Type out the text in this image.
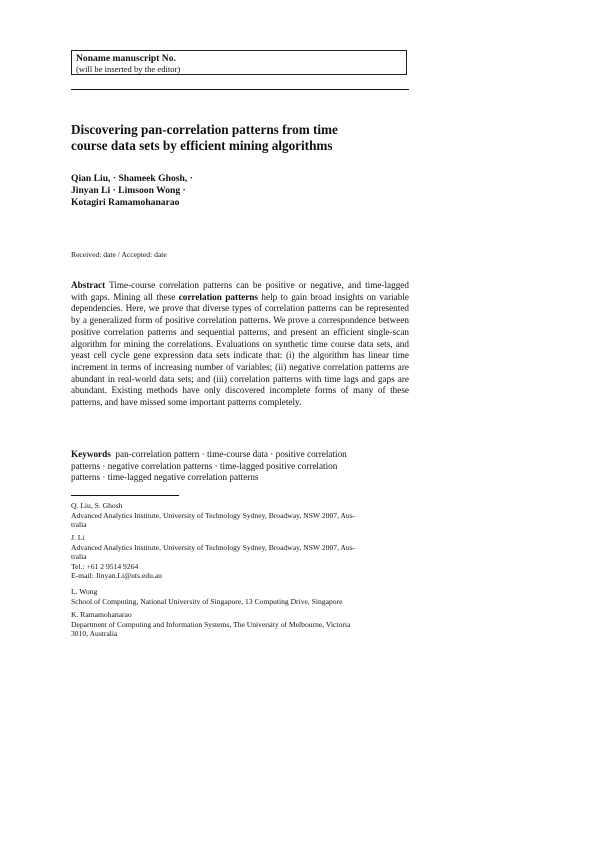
Noname manuscript No.
(will be inserted by the editor)
Discovering pan-correlation patterns from time
course data sets by efficient mining algorithms
Qian Liu, · Shameek Ghosh, ·
Jinyan Li · Limsoon Wong ·
Kotagiri Ramamohanarao
Received: date / Accepted: date
Abstract Time-course correlation patterns can be positive or negative, and time-lagged with gaps. Mining all these correlation patterns help to gain broad insights on variable dependencies. Here, we prove that diverse types of correlation patterns can be represented by a generalized form of positive correlation patterns. We prove a correspondence between positive correlation patterns and sequential patterns, and present an efficient single-scan algorithm for mining the correlations. Evaluations on synthetic time course data sets, and yeast cell cycle gene expression data sets indicate that: (i) the algorithm has linear time increment in terms of increasing number of variables; (ii) negative correlation patterns are abundant in real-world data sets; and (iii) correlation patterns with time lags and gaps are abundant. Existing methods have only discovered incomplete forms of many of these patterns, and have missed some important patterns completely.
Keywords pan-correlation pattern · time-course data · positive correlation
patterns · negative correlation patterns · time-lagged positive correlation
patterns · time-lagged negative correlation patterns
Q. Liu, S. Ghosh
Advanced Analytics Institute, University of Technology Sydney, Broadway, NSW 2007, Aus-
tralia
J. Li
Advanced Analytics Institute, University of Technology Sydney, Broadway, NSW 2007, Aus-
tralia
Tel.: +61 2 9514 9264
E-mail: Jinyan.Li@uts.edu.au
L. Wong
School of Computing, National University of Singapore, 13 Computing Drive, Singapore
K. Ramamohanarao
Department of Computing and Information Systems, The University of Melbourne, Victoria
3010, Australia
